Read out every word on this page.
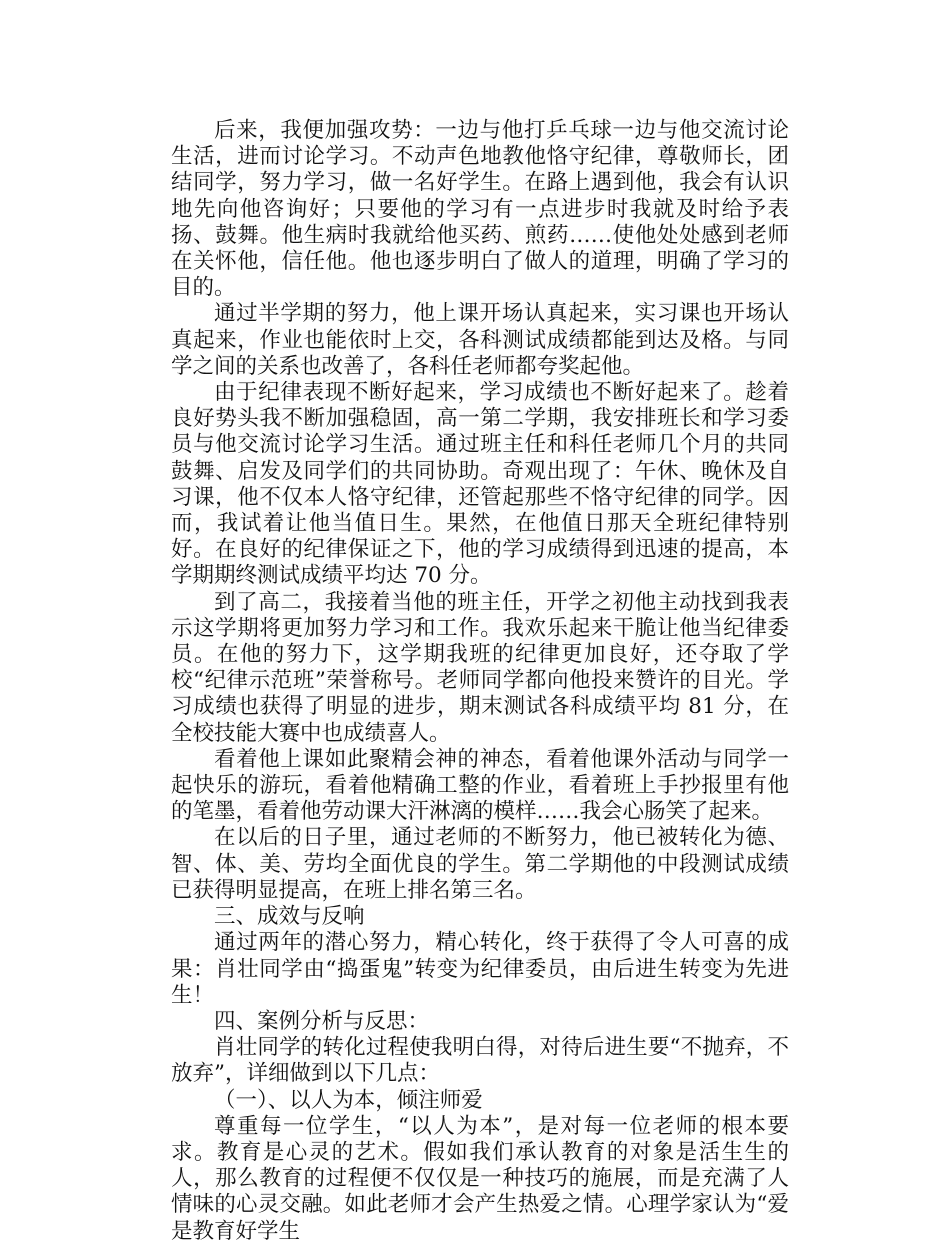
后来，我便加强攻势：一边与他打乒乓球一边与他交流讨论生活，进而讨论学习。不动声色地教他恪守纪律，尊敬师长，团结同学，努力学习，做一名好学生。在路上遇到他，我会有认识地先向他咨询好；只要他的学习有一点进步时我就及时给予表扬、鼓舞。他生病时我就给他买药、煎药……使他处处感到老师在关怀他，信任他。他也逐步明白了做人的道理，明确了学习的目的。

通过半学期的努力，他上课开场认真起来，实习课也开场认真起来，作业也能依时上交，各科测试成绩都能到达及格。与同学之间的关系也改善了，各科任老师都夸奖起他。

由于纪律表现不断好起来，学习成绩也不断好起来了。趁着良好势头我不断加强稳固，高一第二学期，我安排班长和学习委员与他交流讨论学习生活。通过班主任和科任老师几个月的共同鼓舞、启发及同学们的共同协助。奇观出现了：午休、晚休及自习课，他不仅本人恪守纪律，还管起那些不恪守纪律的同学。因而，我试着让他当值日生。果然，在他值日那天全班纪律特别好。在良好的纪律保证之下，他的学习成绩得到迅速的提高，本学期期终测试成绩平均达 70 分。

到了高二，我接着当他的班主任，开学之初他主动找到我表示这学期将更加努力学习和工作。我欢乐起来干脆让他当纪律委员。在他的努力下，这学期我班的纪律更加良好，还夺取了学校“纪律示范班”荣誉称号。老师同学都向他投来赞许的目光。学习成绩也获得了明显的进步，期末测试各科成绩平均 81 分，在全校技能大赛中也成绩喜人。

看着他上课如此聚精会神的神态，看着他课外活动与同学一起快乐的游玩，看着他精确工整的作业，看着班上手抄报里有他的笔墨，看着他劳动课大汗淋漓的模样……我会心肠笑了起来。

在以后的日子里，通过老师的不断努力，他已被转化为德、智、体、美、劳均全面优良的学生。第二学期他的中段测试成绩已获得明显提高，在班上排名第三名。

三、成效与反响

通过两年的潜心努力，精心转化，终于获得了令人可喜的成果：肖壮同学由“捣蛋鬼”转变为纪律委员，由后进生转变为先进生！

四、案例分析与反思：

肖壮同学的转化过程使我明白得，对待后进生要“不抛弃，不放弃”，详细做到以下几点：

（一）、以人为本，倾注师爱

尊重每一位学生，“以人为本”，是对每一位老师的根本要求。教育是心灵的艺术。假如我们承认教育的对象是活生生的人，那么教育的过程便不仅仅是一种技巧的施展，而是充满了人情味的心灵交融。如此老师才会产生热爱之情。心理学家认为“爱是教育好学生
